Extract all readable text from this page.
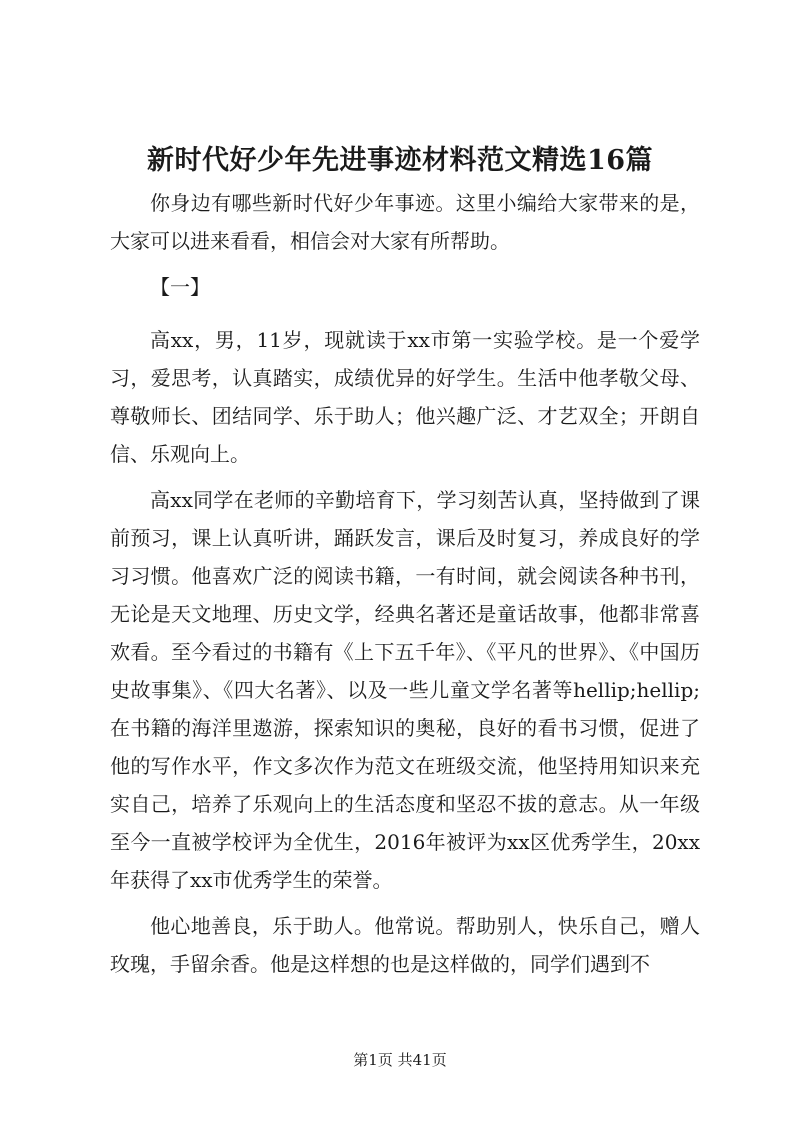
新时代好少年先进事迹材料范文精选16篇

你身边有哪些新时代好少年事迹。这里小编给大家带来的是，大家可以进来看看，相信会对大家有所帮助。

【一】

高xx，男，11岁，现就读于xx市第一实验学校。是一个爱学习，爱思考，认真踏实，成绩优异的好学生。生活中他孝敬父母、尊敬师长、团结同学、乐于助人；他兴趣广泛、才艺双全；开朗自信、乐观向上。

高xx同学在老师的辛勤培育下，学习刻苦认真，坚持做到了课前预习，课上认真听讲，踊跃发言，课后及时复习，养成良好的学习习惯。他喜欢广泛的阅读书籍，一有时间，就会阅读各种书刊，无论是天文地理、历史文学，经典名著还是童话故事，他都非常喜欢看。至今看过的书籍有《上下五千年》、《平凡的世界》、《中国历史故事集》、《四大名著》、以及一些儿童文学名著等hellip;hellip;在书籍的海洋里遨游，探索知识的奥秘，良好的看书习惯，促进了他的写作水平，作文多次作为范文在班级交流，他坚持用知识来充实自己，培养了乐观向上的生活态度和坚忍不拔的意志。从一年级至今一直被学校评为全优生，2016年被评为xx区优秀学生，20xx年获得了xx市优秀学生的荣誉。

他心地善良，乐于助人。他常说。帮助别人，快乐自己，赠人玫瑰，手留余香。他是这样想的也是这样做的，同学们遇到不

第1页 共41页
